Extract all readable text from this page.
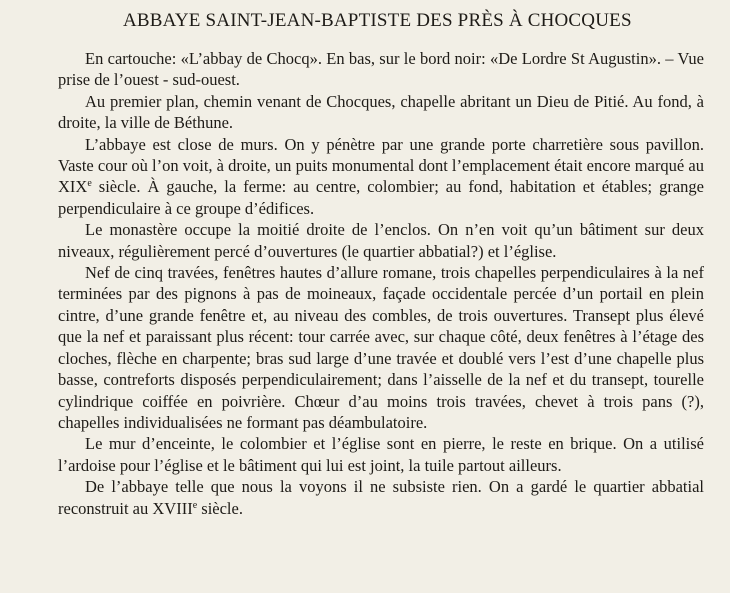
ABBAYE SAINT-JEAN-BAPTISTE DES PRÈS À CHOCQUES

En cartouche: «L’abbay de Chocq». En bas, sur le bord noir: «De Lordre St Augustin». – Vue prise de l’ouest - sud-ouest.

Au premier plan, chemin venant de Chocques, chapelle abritant un Dieu de Pitié. Au fond, à droite, la ville de Béthune.

L’abbaye est close de murs. On y pénètre par une grande porte charretière sous pavillon. Vaste cour où l’on voit, à droite, un puits monumental dont l’emplacement était encore marqué au XIXe siècle. À gauche, la ferme: au centre, colombier; au fond, habitation et étables; grange perpendiculaire à ce groupe d’édifices.

Le monastère occupe la moitié droite de l’enclos. On n’en voit qu’un bâtiment sur deux niveaux, régulièrement percé d’ouvertures (le quartier abbatial?) et l’église.

Nef de cinq travées, fenêtres hautes d’allure romane, trois chapelles perpendiculaires à la nef terminées par des pignons à pas de moineaux, façade occidentale percée d’un portail en plein cintre, d’une grande fenêtre et, au niveau des combles, de trois ouvertures. Transept plus élevé que la nef et paraissant plus récent: tour carrée avec, sur chaque côté, deux fenêtres à l’étage des cloches, flèche en charpente; bras sud large d’une travée et doublé vers l’est d’une chapelle plus basse, contreforts disposés perpendiculairement; dans l’aisselle de la nef et du transept, tourelle cylindrique coiffée en poivrière. Chœur d’au moins trois travées, chevet à trois pans (?), chapelles individualisées ne formant pas déambulatoire.

Le mur d’enceinte, le colombier et l’église sont en pierre, le reste en brique. On a utilisé l’ardoise pour l’église et le bâtiment qui lui est joint, la tuile partout ailleurs.

De l’abbaye telle que nous la voyons il ne subsiste rien. On a gardé le quartier abbatial reconstruit au XVIIIe siècle.
